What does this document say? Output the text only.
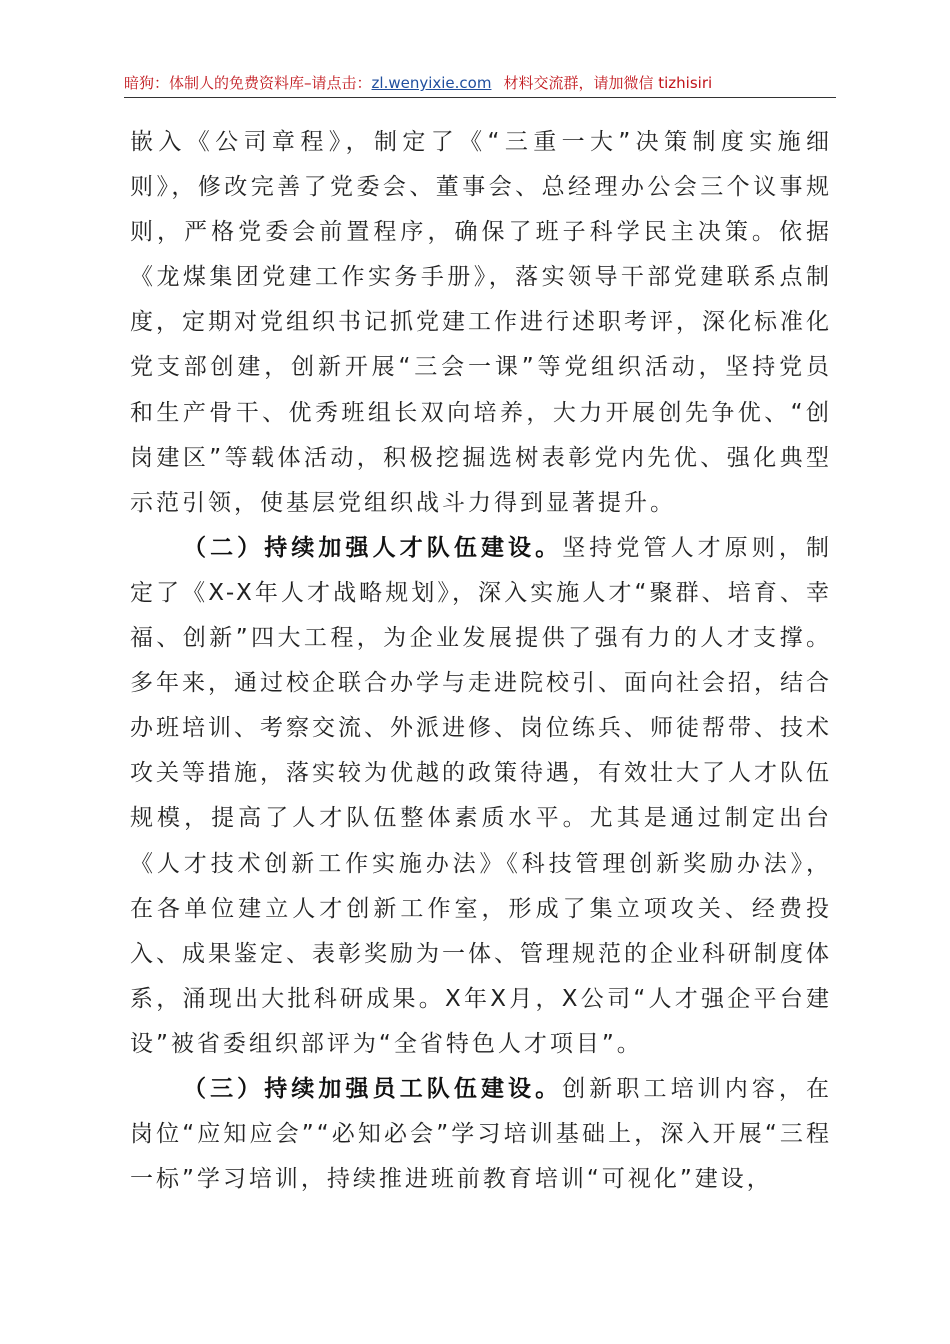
暗狗：体制人的免费资料库–请点击：zl.wenyixie.com 材料交流群，请加微信 tizhisiri

嵌入《公司章程》，制定了《“三重一大”决策制度实施细则》，修改完善了党委会、董事会、总经理办公会三个议事规则，严格党委会前置程序，确保了班子科学民主决策。依据《龙煤集团党建工作实务手册》，落实领导干部党建联系点制度，定期对党组织书记抓党建工作进行述职考评，深化标准化党支部创建，创新开展“三会一课”等党组织活动，坚持党员和生产骨干、优秀班组长双向培养，大力开展创先争优、“创岗建区”等载体活动，积极挖掘选树表彰党内先优、强化典型示范引领，使基层党组织战斗力得到显著提升。

（二）持续加强人才队伍建设。坚持党管人才原则，制定了《X-X年人才战略规划》，深入实施人才“聚群、培育、幸福、创新”四大工程，为企业发展提供了强有力的人才支撑。多年来，通过校企联合办学与走进院校引、面向社会招，结合办班培训、考察交流、外派进修、岗位练兵、师徒帮带、技术攻关等措施，落实较为优越的政策待遇，有效壮大了人才队伍规模，提高了人才队伍整体素质水平。尤其是通过制定出台《人才技术创新工作实施办法》《科技管理创新奖励办法》，在各单位建立人才创新工作室，形成了集立项攻关、经费投入、成果鉴定、表彰奖励为一体、管理规范的企业科研制度体系，涌现出大批科研成果。X年X月，X公司“人才强企平台建设”被省委组织部评为“全省特色人才项目”。

（三）持续加强员工队伍建设。创新职工培训内容，在岗位“应知应会”“必知必会”学习培训基础上，深入开展“三程一标”学习培训，持续推进班前教育培训“可视化”建设，
